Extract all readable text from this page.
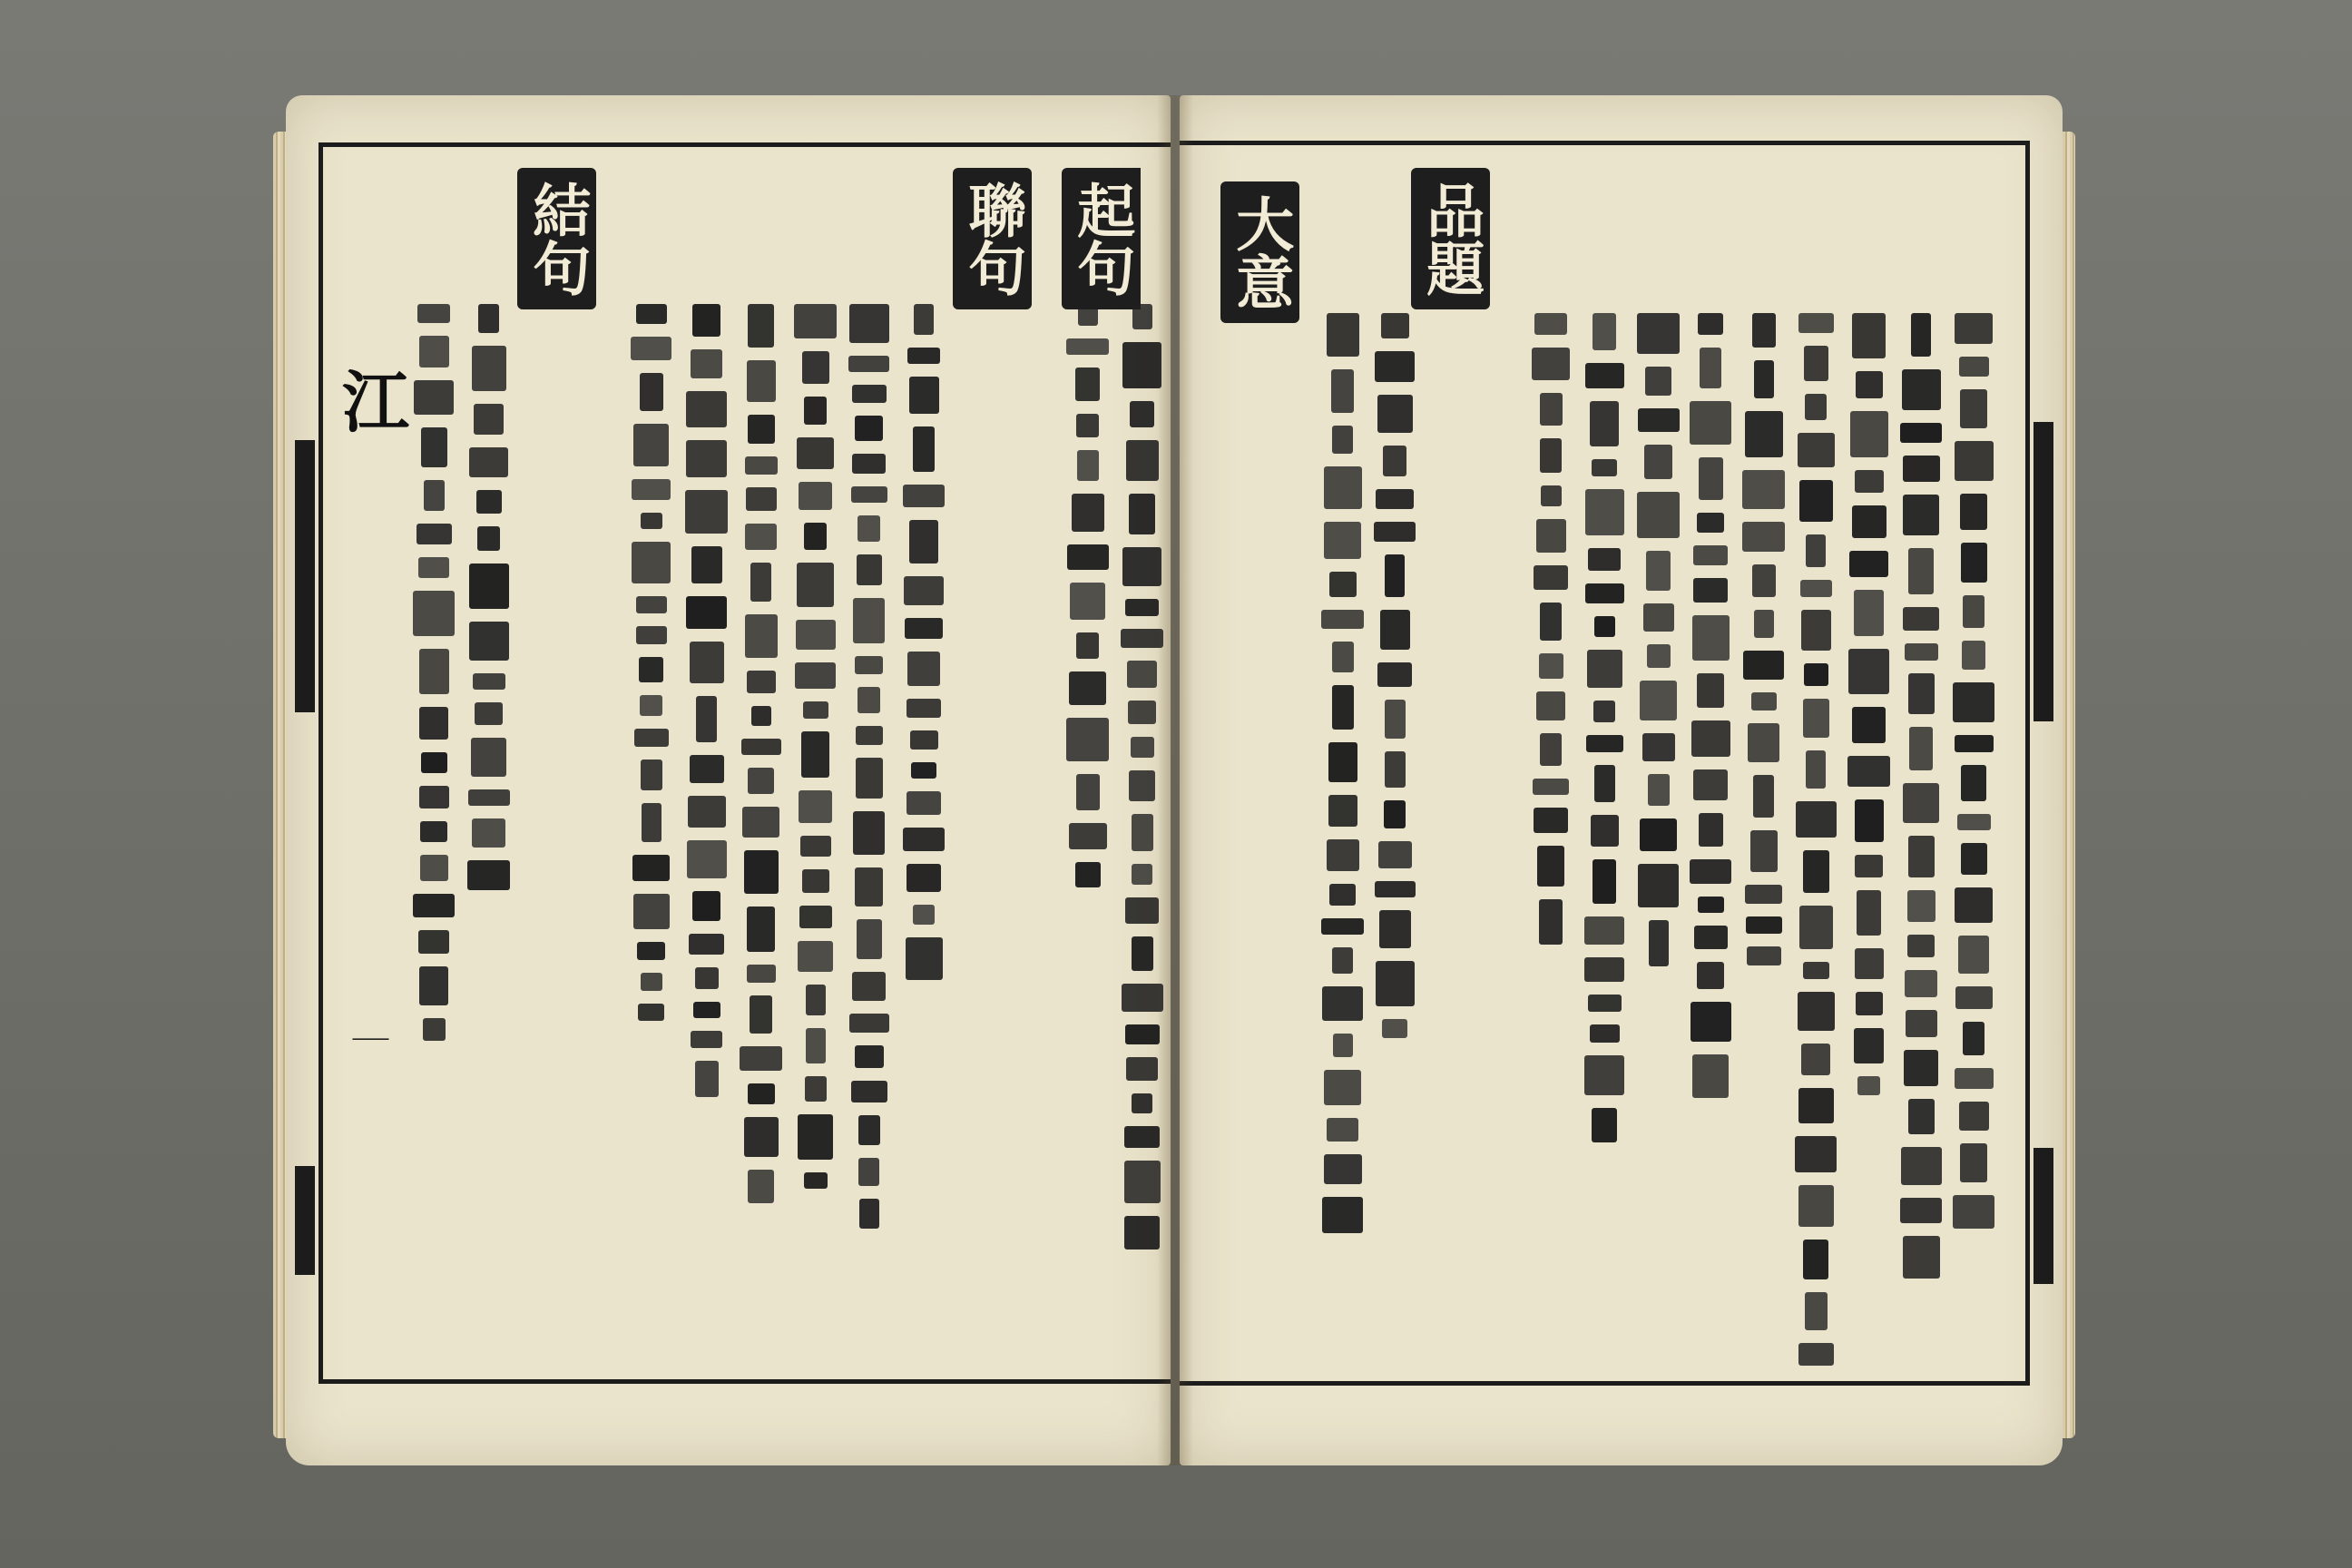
｜
江
結句	聯句 起句 大意 品題
